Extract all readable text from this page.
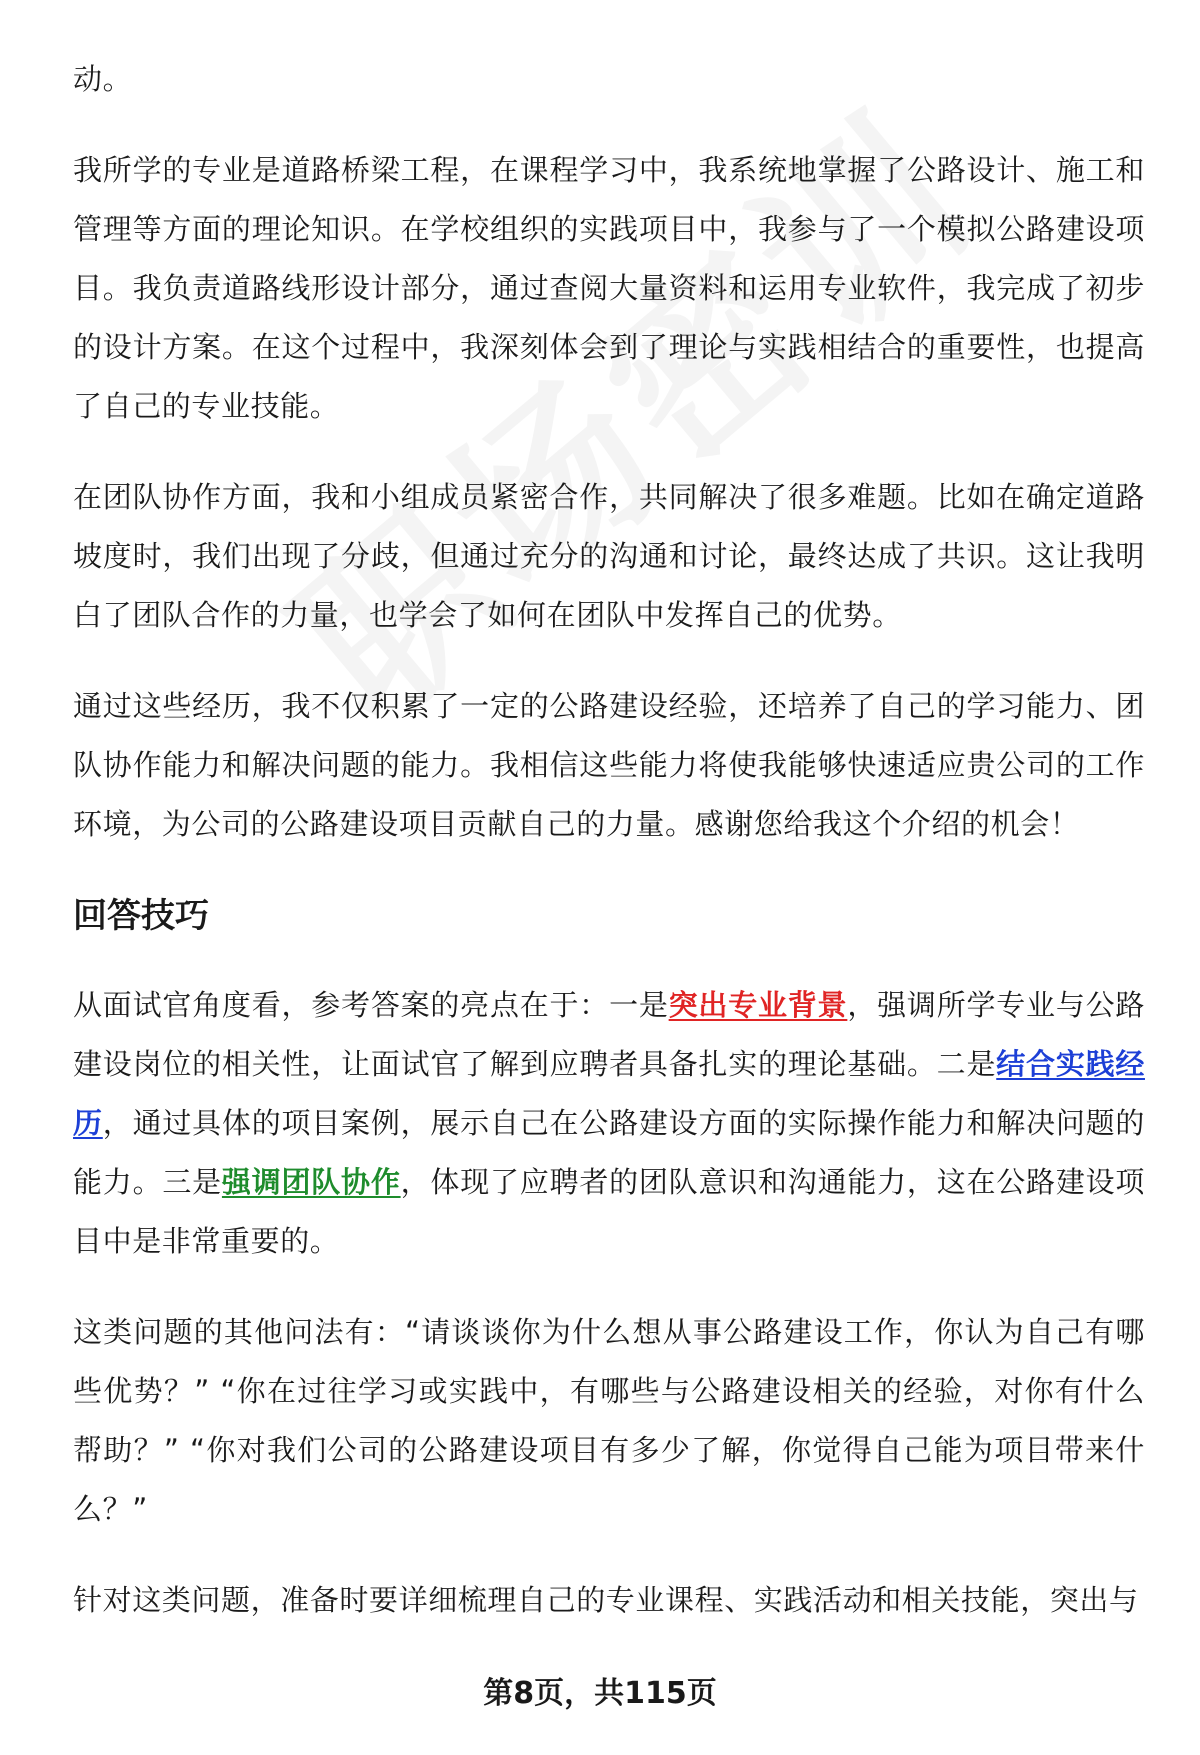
动。

我所学的专业是道路桥梁工程，在课程学习中，我系统地掌握了公路设计、施工和管理等方面的理论知识。在学校组织的实践项目中，我参与了一个模拟公路建设项目。我负责道路线形设计部分，通过查阅大量资料和运用专业软件，我完成了初步的设计方案。在这个过程中，我深刻体会到了理论与实践相结合的重要性，也提高了自己的专业技能。

在团队协作方面，我和小组成员紧密合作，共同解决了很多难题。比如在确定道路坡度时，我们出现了分歧，但通过充分的沟通和讨论，最终达成了共识。这让我明白了团队合作的力量，也学会了如何在团队中发挥自己的优势。

通过这些经历，我不仅积累了一定的公路建设经验，还培养了自己的学习能力、团队协作能力和解决问题的能力。我相信这些能力将使我能够快速适应贵公司的工作环境，为公司的公路建设项目贡献自己的力量。感谢您给我这个介绍的机会！

回答技巧

从面试官角度看，参考答案的亮点在于：一是突出专业背景，强调所学专业与公路建设岗位的相关性，让面试官了解到应聘者具备扎实的理论基础。二是结合实践经历，通过具体的项目案例，展示自己在公路建设方面的实际操作能力和解决问题的能力。三是强调团队协作，体现了应聘者的团队意识和沟通能力，这在公路建设项目中是非常重要的。

这类问题的其他问法有：“请谈谈你为什么想从事公路建设工作，你认为自己有哪些优势？” “你在过往学习或实践中，有哪些与公路建设相关的经验，对你有什么帮助？” “你对我们公司的公路建设项目有多少了解，你觉得自己能为项目带来什么？”

针对这类问题，准备时要详细梳理自己的专业课程、实践活动和相关技能，突出与

第8页，共115页
